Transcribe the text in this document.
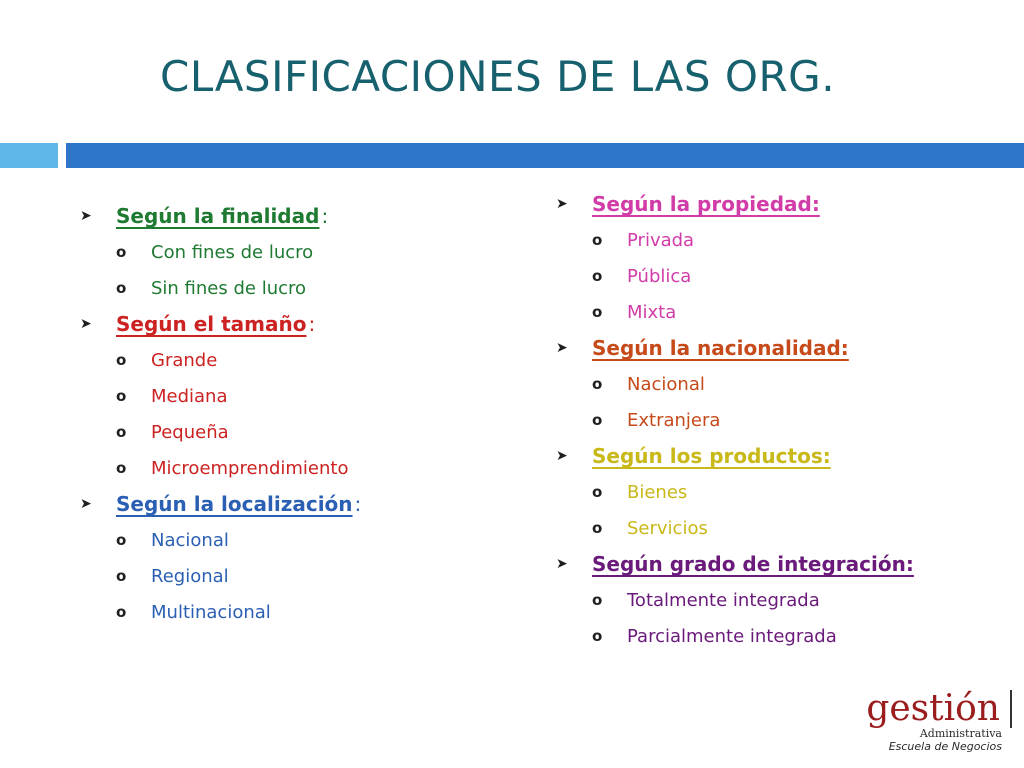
CLASIFICACIONES DE LAS ORG.
➤	Según la finalidad :
o	Con fines de lucro
o	Sin fines de lucro
➤	Según el tamaño :
o	Grande
o	Mediana
o	Pequeña
o	Microemprendimiento
➤	Según la localización :
o	Nacional
o	Regional
o	Multinacional
➤	Según la propiedad:
o	Privada
o	Pública
o	Mixta
➤	Según la nacionalidad:
o	Nacional
o	Extranjera
➤	Según los productos:
o	Bienes
o	Servicios
➤	Según grado de integración:
o	Totalmente integrada
o	Parcialmente integrada
gestión
Administrativa
Escuela de Negocios
